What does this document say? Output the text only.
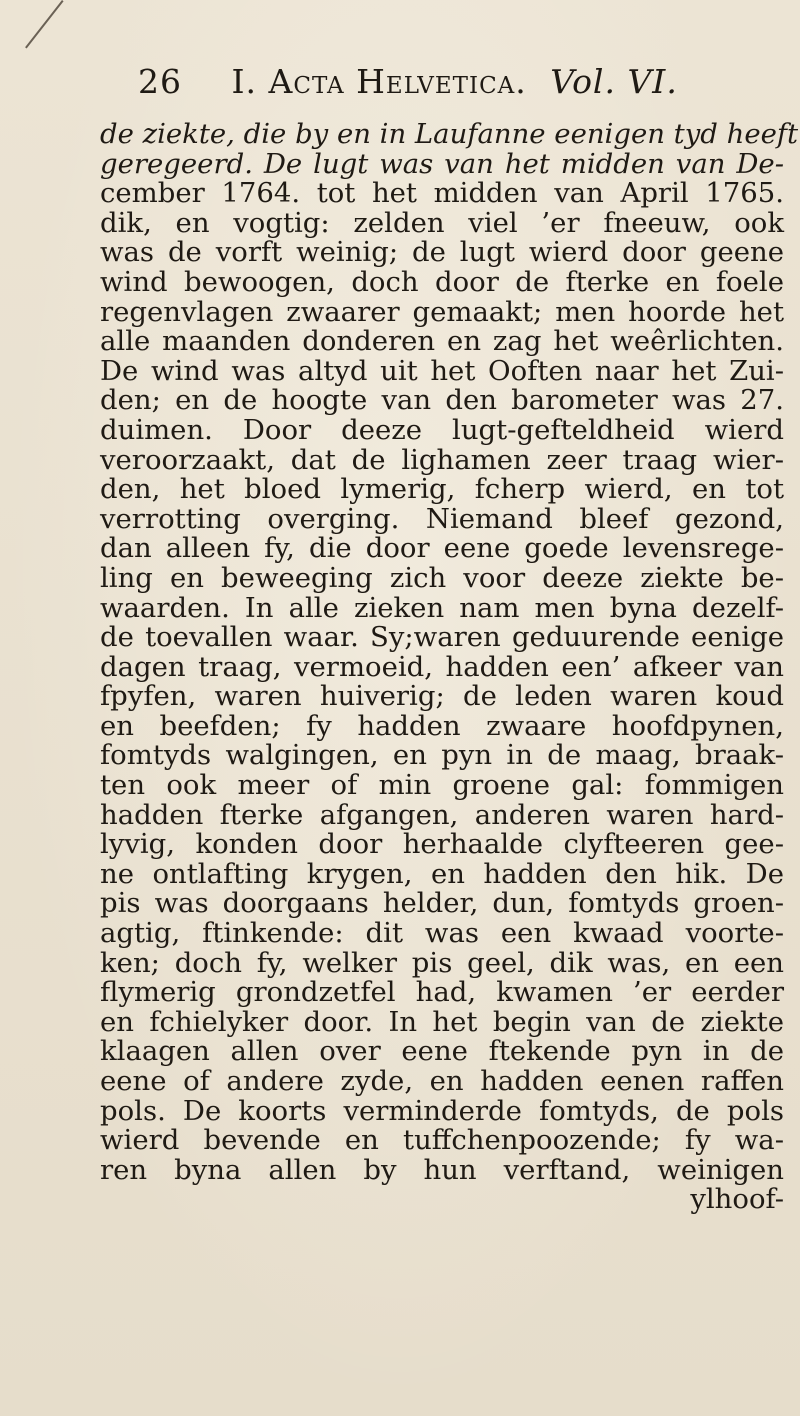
26 I. Acta Helvetica. Vol. VI.
de ziekte, die by en in Laufanne eenigen tyd heeft
geregeerd. De lugt was van het midden van De-
cember 1764. tot het midden van April 1765.
dik, en vogtig: zelden viel ’er fneeuw, ook
was de vorft weinig; de lugt wierd door geene
wind bewoogen, doch door de fterke en foele
regenvlagen zwaarer gemaakt; men hoorde het
alle maanden donderen en zag het weêrlichten.
De wind was altyd uit het Ooften naar het Zui-
den; en de hoogte van den barometer was 27.
duimen. Door deeze lugt-gefteldheid wierd
veroorzaakt, dat de lighamen zeer traag wier-
den, het bloed lymerig, fcherp wierd, en tot
verrotting overging. Niemand bleef gezond,
dan alleen fy, die door eene goede levensrege-
ling en beweeging zich voor deeze ziekte be-
waarden. In alle zieken nam men byna dezelf-
de toevallen waar. Sy;waren geduurende eenige
dagen traag, vermoeid, hadden een’ afkeer van
fpyfen, waren huiverig; de leden waren koud
en beefden; fy hadden zwaare hoofdpynen,
fomtyds walgingen, en pyn in de maag, braak-
ten ook meer of min groene gal: fommigen
hadden fterke afgangen, anderen waren hard-
lyvig, konden door herhaalde clyfteeren gee-
ne ontlafting krygen, en hadden den hik. De
pis was doorgaans helder, dun, fomtyds groen-
agtig, ftinkende: dit was een kwaad voorte-
ken; doch fy, welker pis geel, dik was, en een
flymerig grondzetfel had, kwamen ’er eerder
en fchielyker door. In het begin van de ziekte
klaagen allen over eene ftekende pyn in de
eene of andere zyde, en hadden eenen raffen
pols. De koorts verminderde fomtyds, de pols
wierd bevende en tuffchenpoozende; fy wa-
ren byna allen by hun verftand, weinigen
ylhoof-
